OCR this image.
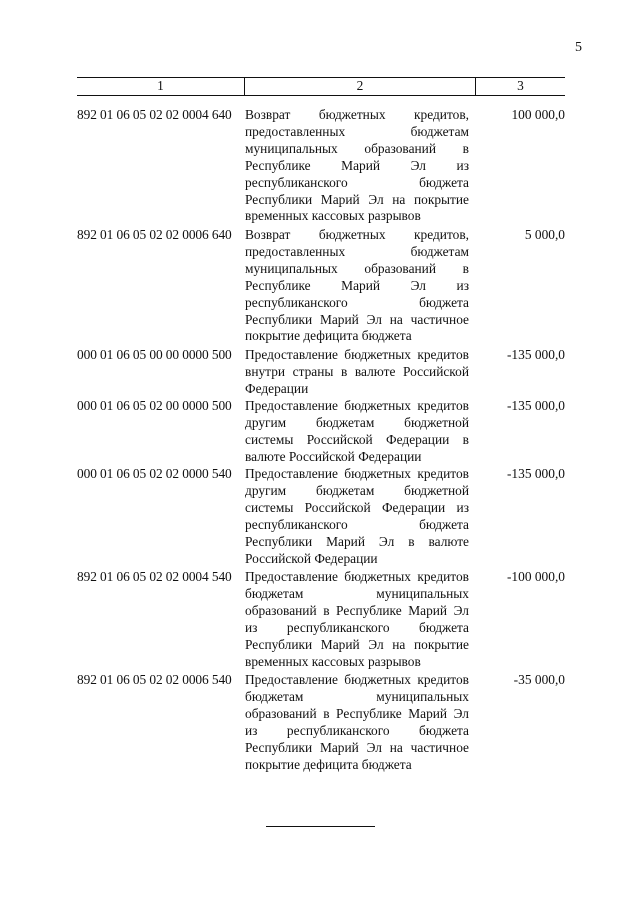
5
1	2	3
892 01 06 05 02 02 0004 640 Возврат бюджетных кредитов,
предоставленных бюджетам
муниципальных образований в
Республике Марий Эл из
республиканского бюджета
Республики Марий Эл на покрытие
временных кассовых разрывов
100 000,0
892 01 06 05 02 02 0006 640 Возврат бюджетных кредитов,
предоставленных бюджетам
муниципальных образований в
Республике Марий Эл из
республиканского бюджета
Республики Марий Эл на частичное
покрытие дефицита бюджета
5 000,0
000 01 06 05 00 00 0000 500 Предоставление бюджетных кредитов
внутри страны в валюте Российской
Федерации
-135 000,0
000 01 06 05 02 00 0000 500 Предоставление бюджетных кредитов
другим бюджетам бюджетной
системы Российской Федерации в
валюте Российской Федерации
-135 000,0
000 01 06 05 02 02 0000 540 Предоставление бюджетных кредитов
другим бюджетам бюджетной
системы Российской Федерации из
республиканского бюджета
Республики Марий Эл в валюте
Российской Федерации
-135 000,0
892 01 06 05 02 02 0004 540 Предоставление бюджетных кредитов
бюджетам муниципальных
образований в Республике Марий Эл
из республиканского бюджета
Республики Марий Эл на покрытие
временных кассовых разрывов
-100 000,0
892 01 06 05 02 02 0006 540 Предоставление бюджетных кредитов
бюджетам муниципальных
образований в Республике Марий Эл
из республиканского бюджета
Республики Марий Эл на частичное
покрытие дефицита бюджета
-35 000,0
